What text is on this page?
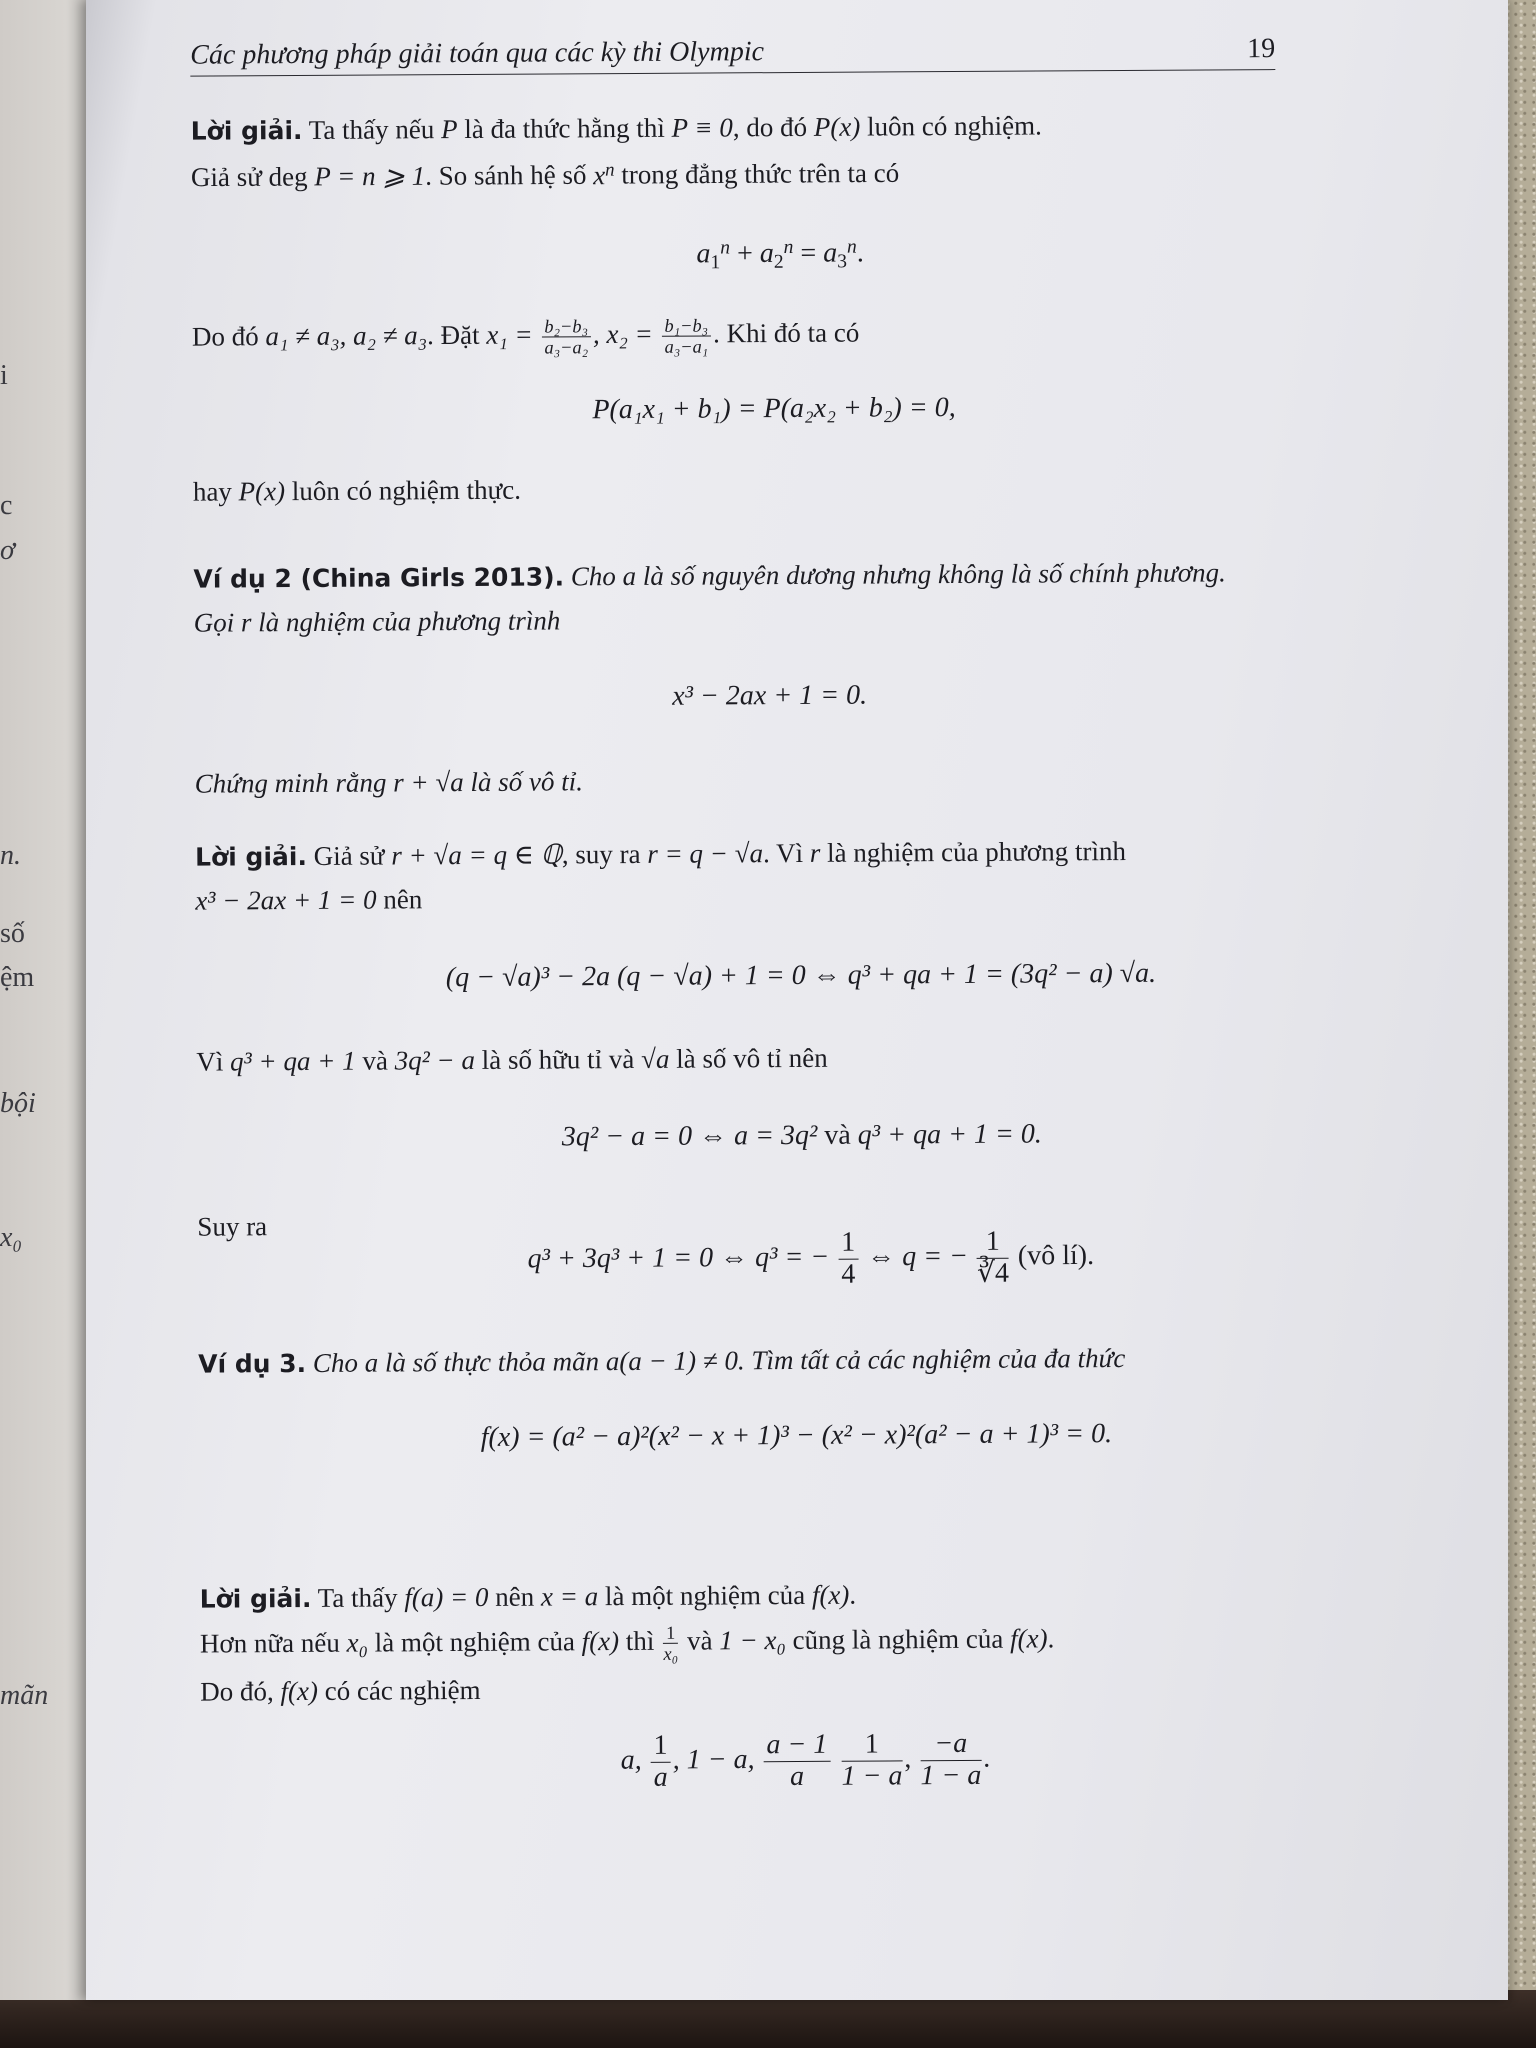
i
c
ơ
n.
số
ệm
bội
x₀
mãn
Các phương pháp giải toán qua các kỳ thi Olympic	19
Lời giải. Ta thấy nếu P là đa thức hằng thì P ≡ 0, do đó P(x) luôn có nghiệm.
Giả sử deg P = n ⩾ 1. So sánh hệ số $x^n$ trong đẳng thức trên ta có
$a_1^n + a_2^n = a_3^n$.
Do đó a₁ ≠ a₃, a₂ ≠ a₃. Đặt $x_1 = \frac{\text{b₂−b₃}}{\text{a₃−a₂}}$ , $x_2 = \frac{\text{b₁−b₃}}{\text{a₃−a₁}}$ . Khi đó ta có
P(a₁x₁ + b₁) = P(a₂x₂ + b₂) = 0,
hay P(x) luôn có nghiệm thực.
Ví dụ 2 (China Girls 2013). Cho a là số nguyên dương nhưng không là số chính phương.
Gọi r là nghiệm của phương trình
x³ − 2ax + 1 = 0.
Chứng minh rằng r + √a là số vô tỉ.
Lời giải. Giả sử r + √a = q ∈ ℚ, suy ra r = q − √a. Vì r là nghiệm của phương trình
x³ − 2ax + 1 = 0 nên
(q − √a)³ − 2a (q − √a) + 1 = 0 ⇔ q³ + qa + 1 = (3q² − a) √a.
Vì q³ + qa + 1 và 3q² − a là số hữu tỉ và √a là số vô tỉ nên
3q² − a = 0 ⇔ a = 3q² và q³ + qa + 1 = 0.
Suy ra
q³ + 3q³ + 1 = 0 ⇔ q³ = − $\frac{1}{4}$ ⇔ q = − $\frac{1}{∛4}$ (vô lí).
Ví dụ 3. Cho a là số thực thỏa mãn a(a − 1) ≠ 0. Tìm tất cả các nghiệm của đa thức
f(x) = (a² − a)²(x² − x + 1)³ − (x² − x)²(a² − a + 1)³ = 0.
Lời giải. Ta thấy f(a) = 0 nên x = a là một nghiệm của f(x).
Hơn nữa nếu x₀ là một nghiệm của f(x) thì $\frac{1}{\text{x₀}}$ và 1 − x₀ cũng là nghiệm của f(x).
Do đó, f(x) có các nghiệm
a, $\frac{1}{a}$ , 1 − a, $\frac{a - 1}{a}$
$\frac{1}{1 - a}$ , $\frac{-a}{1 - a}$ .
